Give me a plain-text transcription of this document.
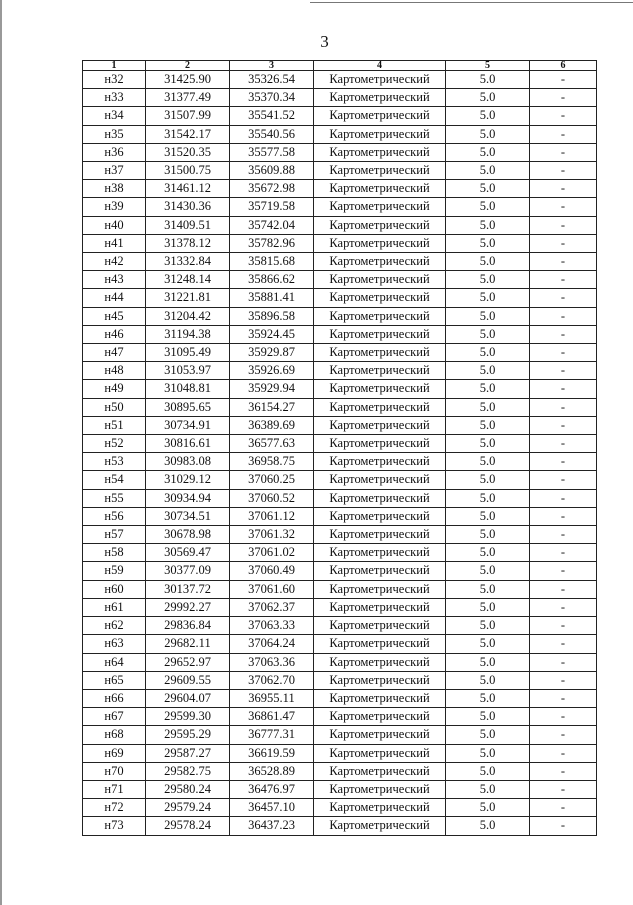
3
1	2	3	4	5	6
н32	31425.90	35326.54	Картометрический	5.0	-
н33	31377.49	35370.34	Картометрический	5.0	-
н34	31507.99	35541.52	Картометрический	5.0	-
н35	31542.17	35540.56	Картометрический	5.0	-
н36	31520.35	35577.58	Картометрический	5.0	-
н37	31500.75	35609.88	Картометрический	5.0	-
н38	31461.12	35672.98	Картометрический	5.0	-
н39	31430.36	35719.58	Картометрический	5.0	-
н40	31409.51	35742.04	Картометрический	5.0	-
н41	31378.12	35782.96	Картометрический	5.0	-
н42	31332.84	35815.68	Картометрический	5.0	-
н43	31248.14	35866.62	Картометрический	5.0	-
н44	31221.81	35881.41	Картометрический	5.0	-
н45	31204.42	35896.58	Картометрический	5.0	-
н46	31194.38	35924.45	Картометрический	5.0	-
н47	31095.49	35929.87	Картометрический	5.0	-
н48	31053.97	35926.69	Картометрический	5.0	-
н49	31048.81	35929.94	Картометрический	5.0	-
н50	30895.65	36154.27	Картометрический	5.0	-
н51	30734.91	36389.69	Картометрический	5.0	-
н52	30816.61	36577.63	Картометрический	5.0	-
н53	30983.08	36958.75	Картометрический	5.0	-
н54	31029.12	37060.25	Картометрический	5.0	-
н55	30934.94	37060.52	Картометрический	5.0	-
н56	30734.51	37061.12	Картометрический	5.0	-
н57	30678.98	37061.32	Картометрический	5.0	-
н58	30569.47	37061.02	Картометрический	5.0	-
н59	30377.09	37060.49	Картометрический	5.0	-
н60	30137.72	37061.60	Картометрический	5.0	-
н61	29992.27	37062.37	Картометрический	5.0	-
н62	29836.84	37063.33	Картометрический	5.0	-
н63	29682.11	37064.24	Картометрический	5.0	-
н64	29652.97	37063.36	Картометрический	5.0	-
н65	29609.55	37062.70	Картометрический	5.0	-
н66	29604.07	36955.11	Картометрический	5.0	-
н67	29599.30	36861.47	Картометрический	5.0	-
н68	29595.29	36777.31	Картометрический	5.0	-
н69	29587.27	36619.59	Картометрический	5.0	-
н70	29582.75	36528.89	Картометрический	5.0	-
н71	29580.24	36476.97	Картометрический	5.0	-
н72	29579.24	36457.10	Картометрический	5.0	-
н73	29578.24	36437.23	Картометрический	5.0	-
